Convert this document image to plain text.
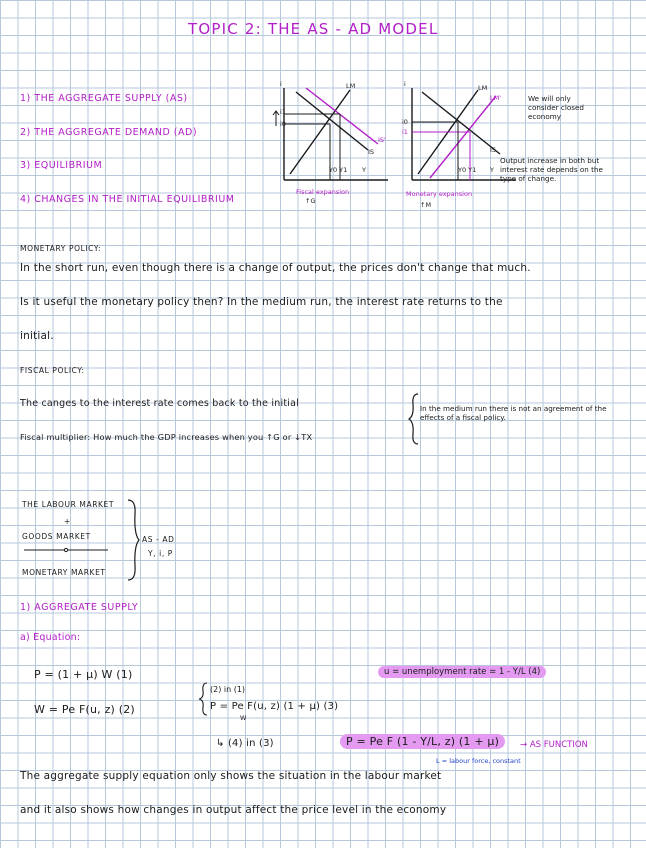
TOPIC 2: THE AS - AD MODEL
1) THE AGGREGATE SUPPLY (AS)
2) THE AGGREGATE DEMAND (AD)
3) EQUILIBRIUM
4) CHANGES IN THE INITIAL EQUILIBRIUM
i
i1
i0
LM
IS'
IS
Y0 Y1 Y
Fiscal expansion
↑G
i
i0
i1
LM
LM'
IS
Y0 Y1 Y
Monetary expansion
↑M
We will only consider closed economy
Output increase in both but interest rate depends on the type of change.
MONETARY POLICY:
In the short run, even though there is a change of output, the prices don't change that much.
Is it useful the monetary policy then? In the medium run, the interest rate returns to the
initial.
FISCAL POLICY:
The canges to the interest rate comes back to the initial
Fiscal multiplier: How much the GDP increases when you ↑G or ↓TX
In the medium run there is not an agreement of the effects of a fiscal policy.
THE LABOUR MARKET
+
GOODS MARKET
MONETARY MARKET
AS - AD
Y, i, P
1) AGGREGATE SUPPLY
a) Equation:
P = (1 + μ) W (1)
W = Pe F(u, z) (2)
u = unemployment rate = 1 - Y/L (4)
(2) in (1)
P = Pe F(u, z) (1 + μ) (3)
W
↳ (4) in (3)	P = Pe F (1 - Y/L, z) (1 + μ)	→ AS FUNCTION
L = labour force, constant
The aggregate supply equation only shows the situation in the labour market
and it also shows how changes in output affect the price level in the economy
